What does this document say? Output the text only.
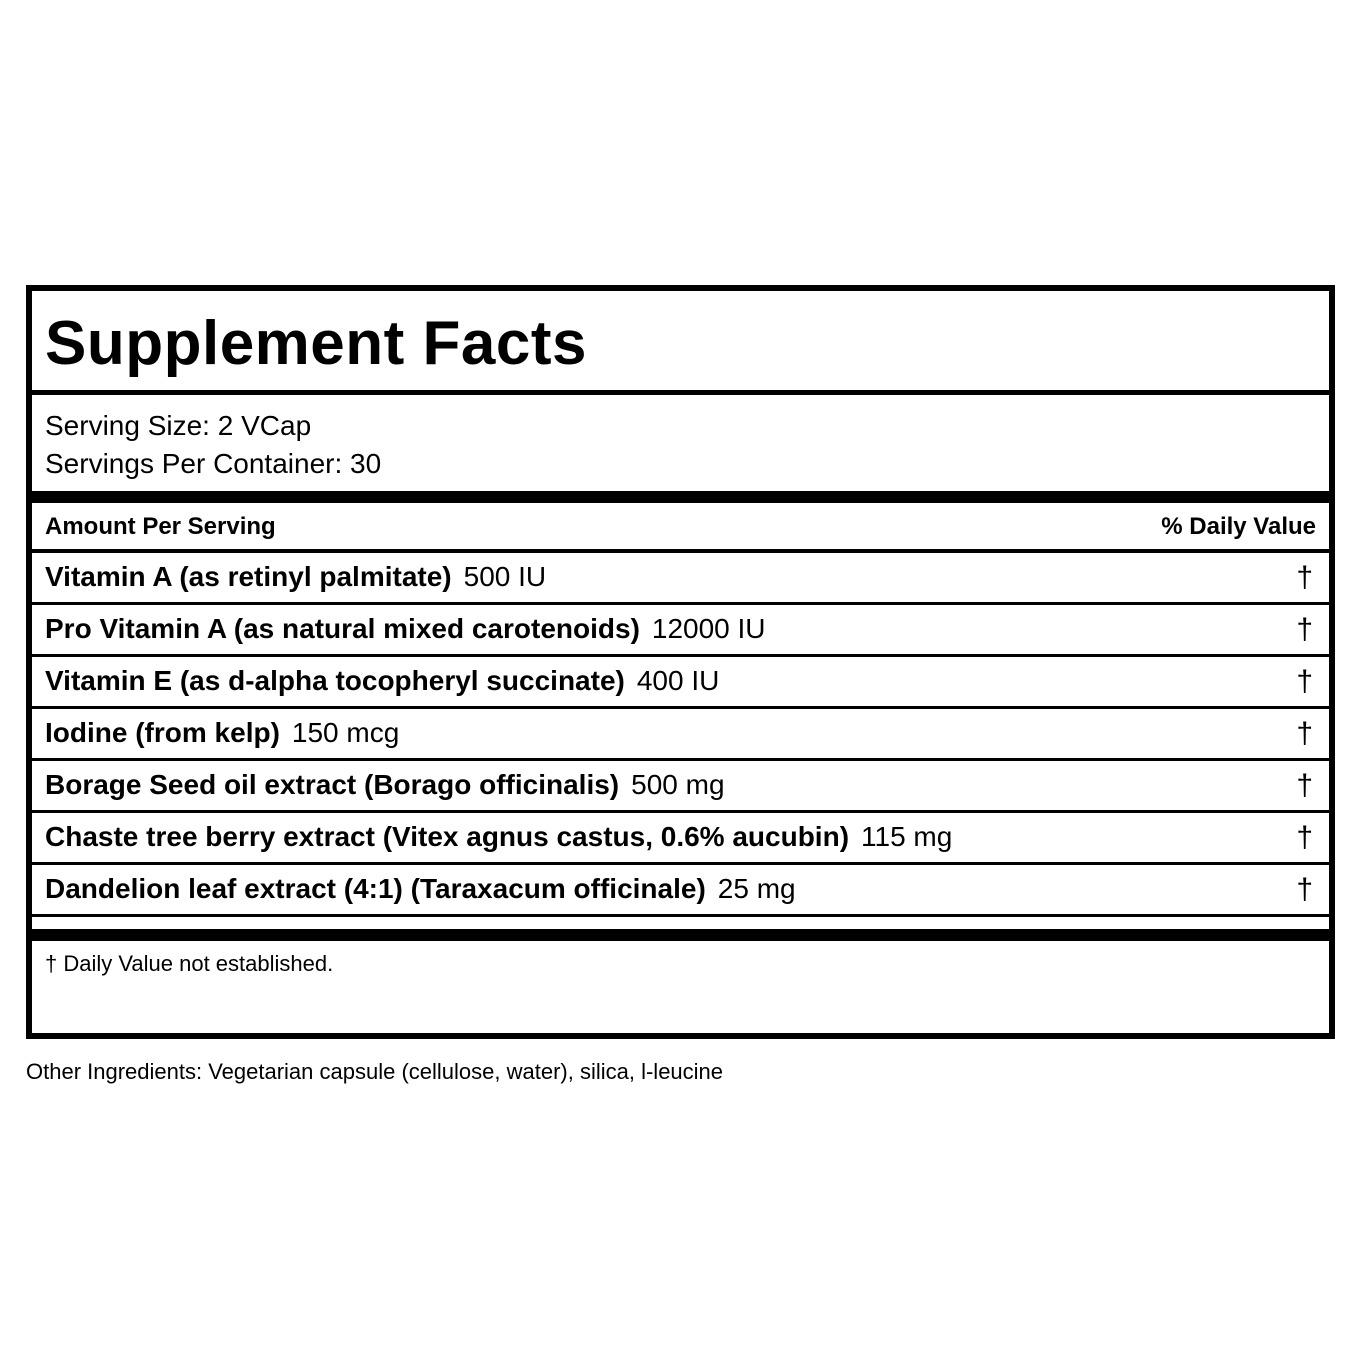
Supplement Facts
Serving Size: 2 VCap
Servings Per Container: 30
Amount Per Serving	% Daily Value
Vitamin A (as retinyl palmitate) 500 IU	†
Pro Vitamin A (as natural mixed carotenoids) 12000 IU	†
Vitamin E (as d-alpha tocopheryl succinate) 400 IU	†
Iodine (from kelp) 150 mcg	†
Borage Seed oil extract (Borago officinalis) 500 mg	†
Chaste tree berry extract (Vitex agnus castus, 0.6% aucubin) 115 mg	†
Dandelion leaf extract (4:1) (Taraxacum officinale) 25 mg	†
† Daily Value not established.
Other Ingredients: Vegetarian capsule (cellulose, water), silica, l-leucine
